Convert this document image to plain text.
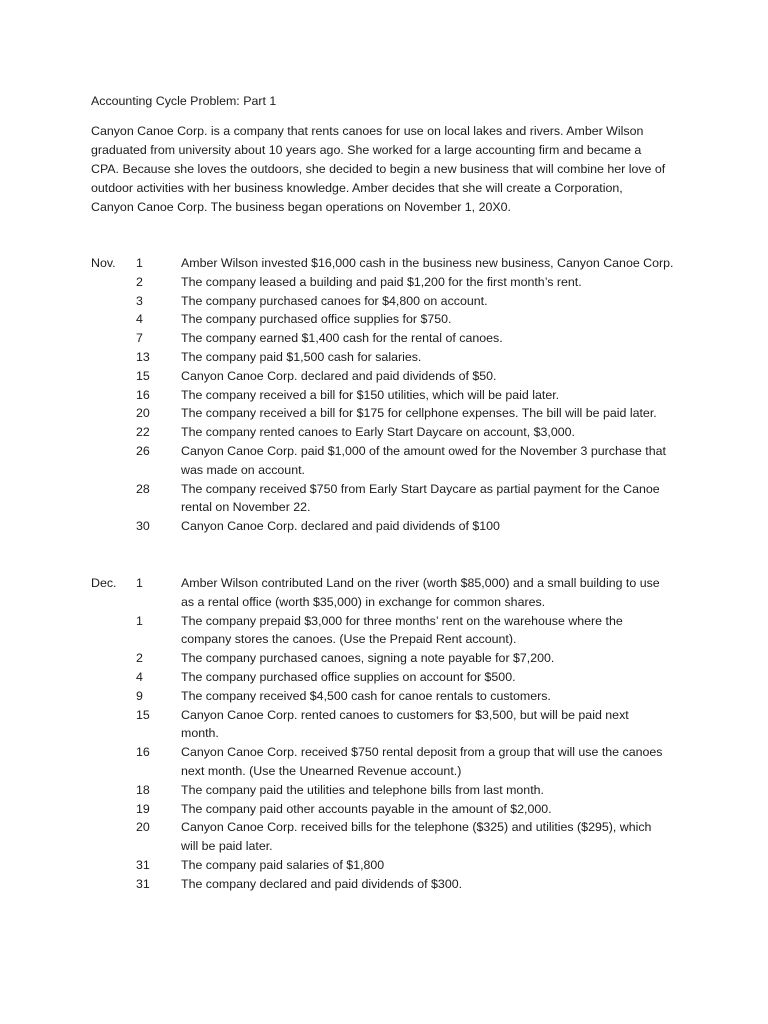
Accounting Cycle Problem: Part 1
Canyon Canoe Corp. is a company that rents canoes for use on local lakes and rivers. Amber Wilson
graduated from university about 10 years ago. She worked for a large accounting firm and became a
CPA. Because she loves the outdoors, she decided to begin a new business that will combine her love of
outdoor activities with her business knowledge. Amber decides that she will create a Corporation,
Canyon Canoe Corp. The business began operations on November 1, 20X0.
Nov.	1	Amber Wilson invested $16,000 cash in the business new business, Canyon Canoe Corp.
2	The company leased a building and paid $1,200 for the first month’s rent.
3	The company purchased canoes for $4,800 on account.
4	The company purchased office supplies for $750.
7	The company earned $1,400 cash for the rental of canoes.
13	The company paid $1,500 cash for salaries.
15	Canyon Canoe Corp. declared and paid dividends of $50.
16	The company received a bill for $150 utilities, which will be paid later.
20	The company received a bill for $175 for cellphone expenses. The bill will be paid later.
22	The company rented canoes to Early Start Daycare on account, $3,000.
26	Canyon Canoe Corp. paid $1,000 of the amount owed for the November 3 purchase that
was made on account.
28	The company received $750 from Early Start Daycare as partial payment for the Canoe
rental on November 22.
30	Canyon Canoe Corp. declared and paid dividends of $100
Dec.	1	Amber Wilson contributed Land on the river (worth $85,000) and a small building to use
as a rental office (worth $35,000) in exchange for common shares.
1	The company prepaid $3,000 for three months’ rent on the warehouse where the
company stores the canoes. (Use the Prepaid Rent account).
2	The company purchased canoes, signing a note payable for $7,200.
4	The company purchased office supplies on account for $500.
9	The company received $4,500 cash for canoe rentals to customers.
15	Canyon Canoe Corp. rented canoes to customers for $3,500, but will be paid next
month.
16	Canyon Canoe Corp. received $750 rental deposit from a group that will use the canoes
next month. (Use the Unearned Revenue account.)
18	The company paid the utilities and telephone bills from last month.
19	The company paid other accounts payable in the amount of $2,000.
20	Canyon Canoe Corp. received bills for the telephone ($325) and utilities ($295), which
will be paid later.
31	The company paid salaries of $1,800
31	The company declared and paid dividends of $300.
